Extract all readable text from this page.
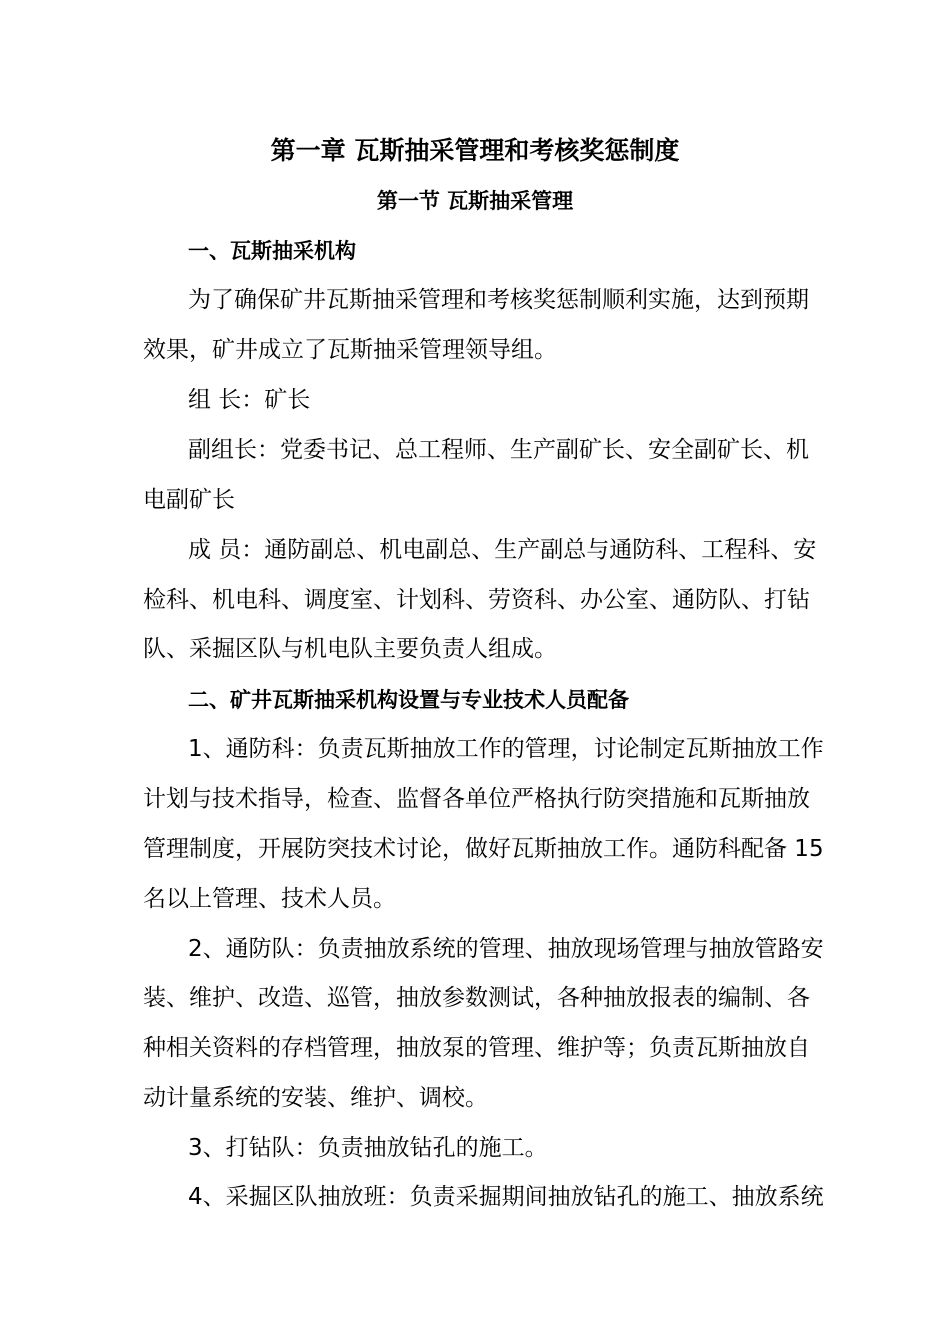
第一章 瓦斯抽采管理和考核奖惩制度
第一节 瓦斯抽采管理
一、瓦斯抽采机构
为了确保矿井瓦斯抽采管理和考核奖惩制顺利实施，达到预期
效果，矿井成立了瓦斯抽采管理领导组。
组 长：矿长
副组长：党委书记、总工程师、生产副矿长、安全副矿长、机
电副矿长
成 员：通防副总、机电副总、生产副总与通防科、工程科、安
检科、机电科、调度室、计划科、劳资科、办公室、通防队、打钻
队、采掘区队与机电队主要负责人组成。
二、矿井瓦斯抽采机构设置与专业技术人员配备
1、通防科：负责瓦斯抽放工作的管理，讨论制定瓦斯抽放工作
计划与技术指导，检查、监督各单位严格执行防突措施和瓦斯抽放
管理制度，开展防突技术讨论，做好瓦斯抽放工作。通防科配备 15
名以上管理、技术人员。
2、通防队：负责抽放系统的管理、抽放现场管理与抽放管路安
装、维护、改造、巡管，抽放参数测试，各种抽放报表的编制、各
种相关资料的存档管理，抽放泵的管理、维护等；负责瓦斯抽放自
动计量系统的安装、维护、调校。
3、打钻队：负责抽放钻孔的施工。
4、采掘区队抽放班：负责采掘期间抽放钻孔的施工、抽放系统
